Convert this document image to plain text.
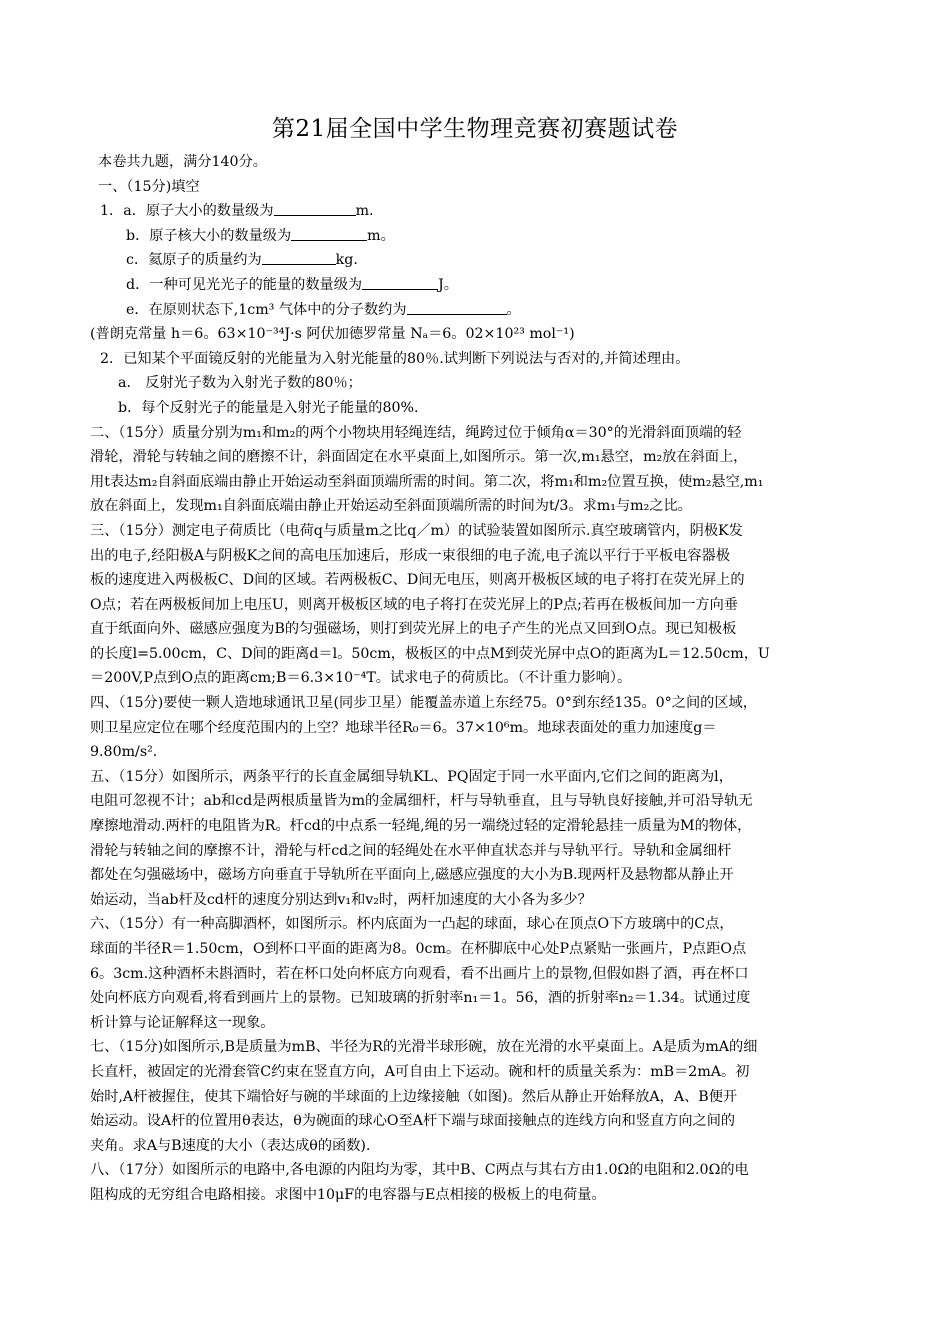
第21届全国中学生物理竞赛初赛题试卷
本卷共九题，满分140分。
一、（15分)填空
1．a．原子大小的数量级为	m.
b．原子核大小的数量级为	m。
c．氦原子的质量约为	kg.
d．一种可见光光子的能量的数量级为	J。
e．在原则状态下,1cm³ 气体中的分子数约为	。
(普朗克常量 h＝6。63×10⁻³⁴J·s 阿伏加德罗常量 Nₐ＝6。02×10²³ mol⁻¹)
2．已知某个平面镜反射的光能量为入射光能量的80％.试判断下列说法与否对的,并简述理由。
a． 反射光子数为入射光子数的80％；
b．每个反射光子的能量是入射光子能量的80%.
二、（15分）质量分别为m₁和m₂的两个小物块用轻绳连结，绳跨过位于倾角α＝30°的光滑斜面顶端的轻
滑轮，滑轮与转轴之间的磨擦不计，斜面固定在水平桌面上,如图所示。第一次,m₁悬空，m₂放在斜面上，
用t表达m₂自斜面底端由静止开始运动至斜面顶端所需的时间。第二次，将m₁和m₂位置互换，使m₂悬空,m₁
放在斜面上，发现m₁自斜面底端由静止开始运动至斜面顶端所需的时间为t/3。求m₁与m₂之比。
三、（15分）测定电子荷质比（电荷q与质量m之比q／m）的试验装置如图所示.真空玻璃管内，阴极K发
出的电子,经阳极A与阴极K之间的高电压加速后，形成一束很细的电子流,电子流以平行于平板电容器极
板的速度进入两极板C、D间的区域。若两极板C、D间无电压，则离开极板区域的电子将打在荧光屏上的
O点；若在两极板间加上电压U，则离开极板区域的电子将打在荧光屏上的P点;若再在极板间加一方向垂
直于纸面向外、磁感应强度为B的匀强磁场，则打到荧光屏上的电子产生的光点又回到O点。现已知极板
的长度l=5.00cm，C、D间的距离d＝l。50cm，极板区的中点M到荧光屏中点O的距离为L＝12.50cm，U
＝200V,P点到O点的距离cm;B＝6.3×10⁻⁴T。试求电子的荷质比。（不计重力影响）。
四、（15分)要使一颗人造地球通讯卫星(同步卫星）能覆盖赤道上东经75。0°到东经135。0°之间的区域，
则卫星应定位在哪个经度范围内的上空？地球半径R₀＝6。37×10⁶m。地球表面处的重力加速度g＝
9.80m/s².
五、（15分）如图所示，两条平行的长直金属细导轨KL、PQ固定于同一水平面内,它们之间的距离为l，
电阻可忽视不计；ab和cd是两根质量皆为m的金属细杆，杆与导轨垂直，且与导轨良好接触,并可沿导轨无
摩擦地滑动.两杆的电阻皆为R。杆cd的中点系一轻绳,绳的另一端绕过轻的定滑轮悬挂一质量为M的物体，
滑轮与转轴之间的摩擦不计，滑轮与杆cd之间的轻绳处在水平伸直状态并与导轨平行。导轨和金属细杆
都处在匀强磁场中，磁场方向垂直于导轨所在平面向上,磁感应强度的大小为B.现两杆及悬物都从静止开
始运动，当ab杆及cd杆的速度分别达到v₁和v₂时，两杆加速度的大小各为多少？
六、（15分）有一种高脚酒杯，如图所示。杯内底面为一凸起的球面，球心在顶点O下方玻璃中的C点，
球面的半径R＝1.50cm，O到杯口平面的距离为8。0cm。在杯脚底中心处P点紧贴一张画片，P点距O点
6。3cm.这种酒杯未斟酒时，若在杯口处向杯底方向观看，看不出画片上的景物,但假如斟了酒，再在杯口
处向杯底方向观看,将看到画片上的景物。已知玻璃的折射率n₁＝1。56，酒的折射率n₂＝1.34。试通过度
析计算与论证解释这一现象。
七、（15分)如图所示,B是质量为mB、半径为R的光滑半球形碗，放在光滑的水平桌面上。A是质为mA的细
长直杆，被固定的光滑套管C约束在竖直方向，A可自由上下运动。碗和杆的质量关系为：mB＝2mA。初
始时,A杆被握住，使其下端恰好与碗的半球面的上边缘接触（如图)。然后从静止开始释放A，A、B便开
始运动。设A杆的位置用θ表达，θ为碗面的球心O至A杆下端与球面接触点的连线方向和竖直方向之间的
夹角。求A与B速度的大小（表达成θ的函数).
八、（17分）如图所示的电路中,各电源的内阻均为零，其中B、C两点与其右方由1.0Ω的电阻和2.0Ω的电
阻构成的无穷组合电路相接。求图中10μF的电容器与E点相接的极板上的电荷量。
